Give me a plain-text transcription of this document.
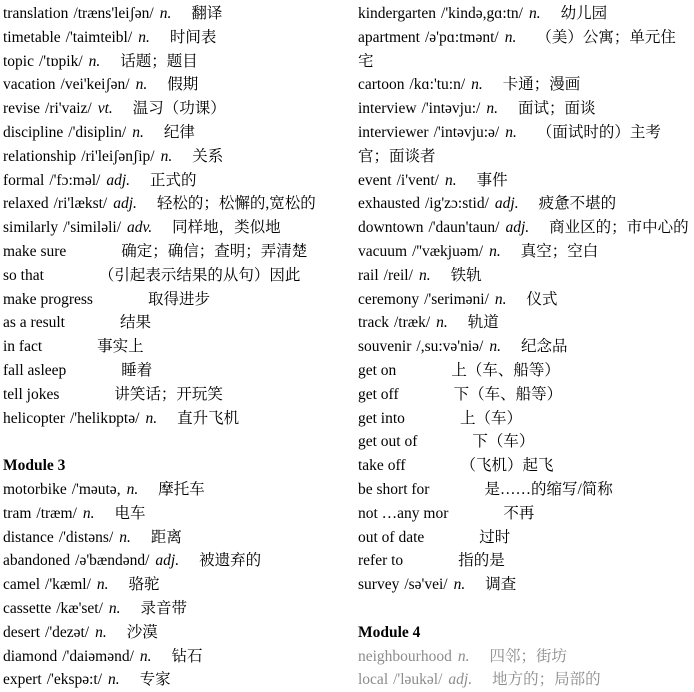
translation /træns'leiʃən/ n. 翻译
timetable /'taimteibl/ n. 时间表
topic /'tɒpik/ n. 话题；题目
vacation /vei'keiʃən/ n. 假期
revise /ri'vaiz/ vt. 温习（功课）
discipline /'disiplin/ n. 纪律
relationship /ri'leiʃənʃip/ n. 关系
formal /'fɔ:məl/ adj. 正式的
relaxed /ri'lækst/ adj. 轻松的；松懈的,宽松的
similarly /'similəli/ adv. 同样地，类似地
make sure	确定；确信；查明；弄清楚
so that	（引起表示结果的从句）因此
make progress	取得进步
as a result	结果
in fact	事实上
fall asleep	睡着
tell jokes	讲笑话；开玩笑
helicopter /'helikɒptə/ n. 直升飞机
Module 3
motorbike /'məutə, n. 摩托车
tram /træm/ n. 电车
distance /'distəns/ n. 距离
abandoned /ə'bændənd/ adj. 被遗弃的
camel /'kæml/ n. 骆驼
cassette /kæ'set/ n. 录音带
desert /'dezət/ n. 沙漠
diamond /'daiəmənd/ n. 钻石
expert /'ekspə:t/ n. 专家
kindergarten /'kində,gɑ:tn/ n. 幼儿园
apartment /ə'pɑ:tmənt/ n. （美）公寓；单元住宅
cartoon /kɑ:'tu:n/ n. 卡通；漫画
interview /'intəvju:/ n. 面试；面谈
interviewer /'intəvju:ə/ n. （面试时的）主考官；面谈者
event /i'vent/ n. 事件
exhausted /ig'zɔ:stid/ adj. 疲惫不堪的
downtown /'daun'taun/ adj. 商业区的；市中心的
vacuum /''vækjuəm/ n. 真空；空白
rail /reil/ n. 铁轨
ceremony /'seriməni/ n. 仪式
track /træk/ n. 轨道
souvenir /,su:və'niə/ n. 纪念品
get on	上（车、船等）
get off	下（车、船等）
get into	上（车）
get out of	下（车）
take off	（飞机）起飞
be short for	是……的缩写/简称
not …any mor	不再
out of date	过时
refer to	指的是
survey /sə'vei/ n. 调查
Module 4
neighbourhood n. 四邻；街坊
local /'ləukəl/ adj. 地方的；局部的
